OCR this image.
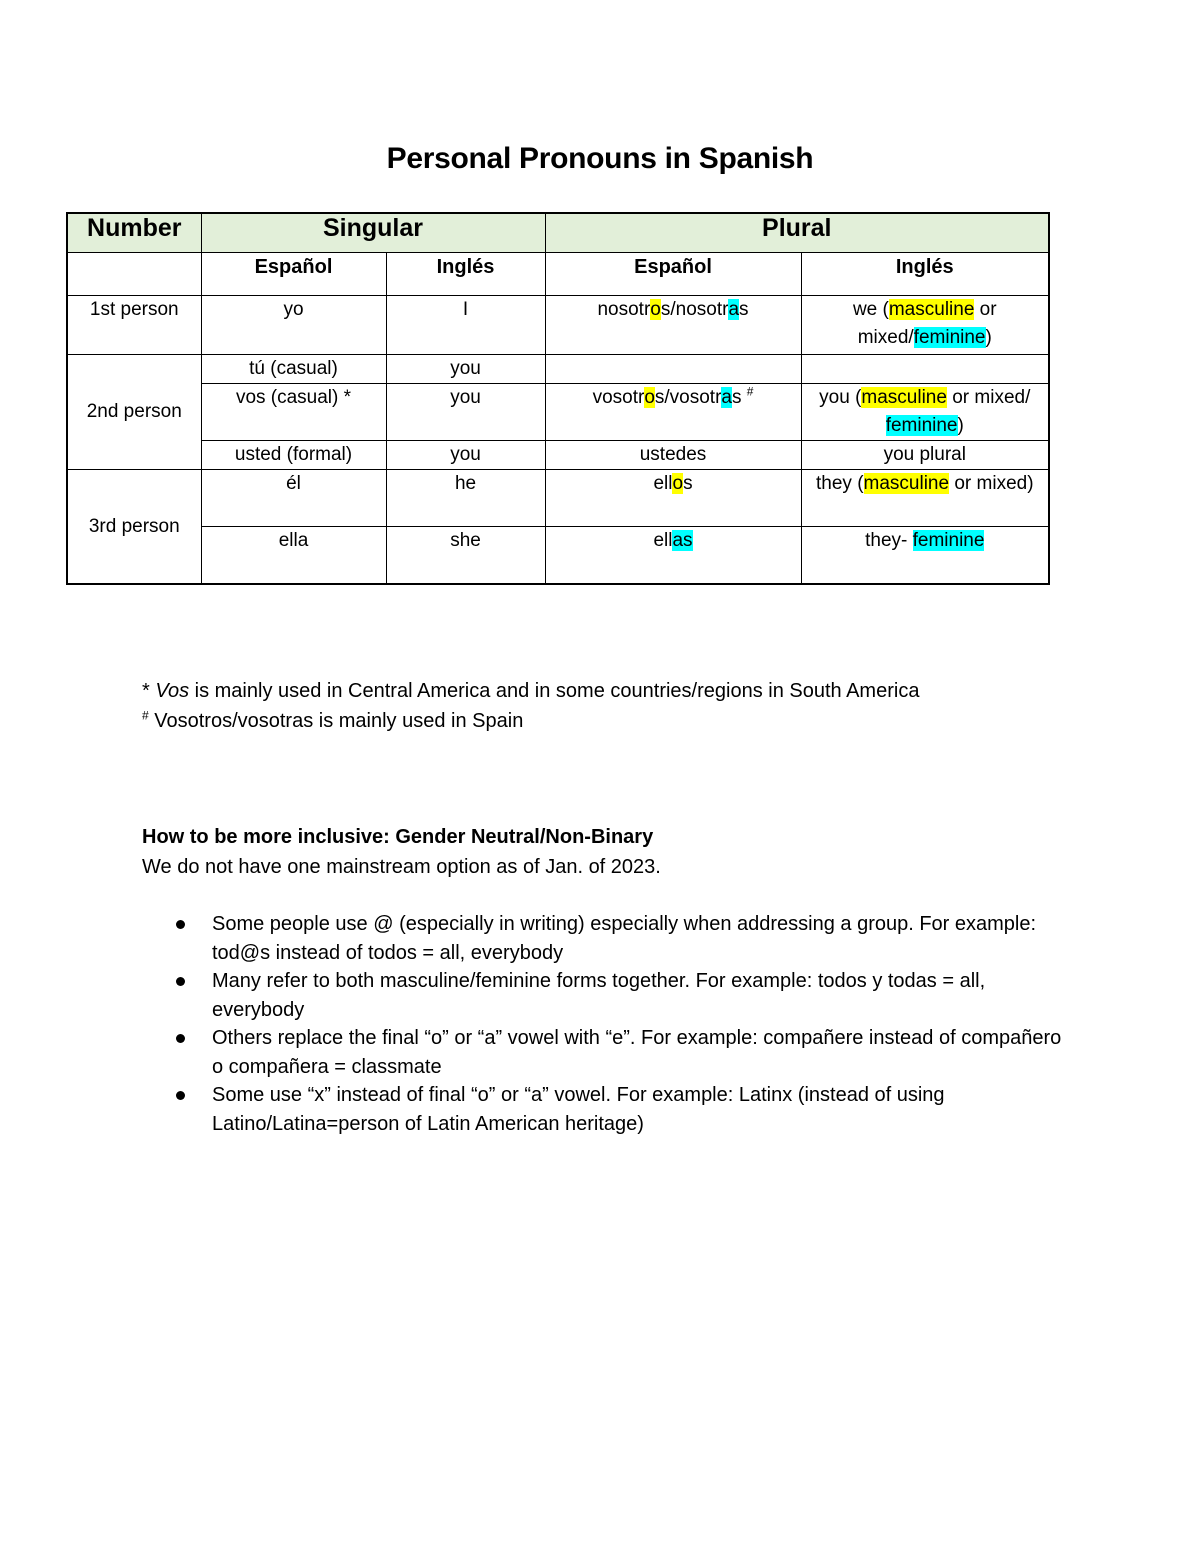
Personal Pronouns in Spanish
Number	Singular		Plural	
	Español	Inglés	Español	Inglés
1st person	yo	I	nosotros/nosotras	we (masculine or mixed/feminine)
2nd person	tú (casual)	you		
	vos (casual) *	you	vosotros/vosotras #	you (masculine or mixed/ feminine)
	usted (formal)	you	ustedes	you plural
3rd person	él	he	ellos	they (masculine or mixed)
	ella	she	ellas	they- feminine
* Vos is mainly used in Central America and in some countries/regions in South America
# Vosotros/vosotras is mainly used in Spain
How to be more inclusive: Gender Neutral/Non-Binary
We do not have one mainstream option as of Jan. of 2023.
Some people use @ (especially in writing) especially when addressing a group. For example: tod@s instead of todos = all, everybody
Many refer to both masculine/feminine forms together. For example: todos y todas = all, everybody
Others replace the final “o” or “a” vowel with “e”. For example: compañere instead of compañero o compañera = classmate
Some use “x” instead of final “o” or “a” vowel. For example: Latinx (instead of using Latino/Latina=person of Latin American heritage)
